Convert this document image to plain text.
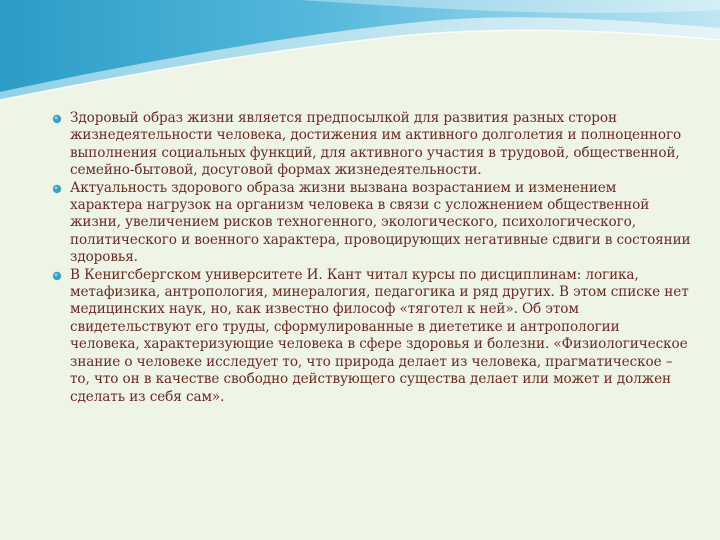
Здоровый образ жизни является предпосылкой для развития разных сторон жизнедеятельности человека, достижения им активного долголетия и полноценного выполнения социальных функций, для активного участия в трудовой, общественной, семейно-бытовой, досуговой формах жизнедеятельности.
Актуальность здорового образа жизни вызвана возрастанием и изменением характера нагрузок на организм человека в связи с усложнением общественной жизни, увеличением рисков техногенного, экологического, психологического, политического и военного характера, провоцирующих негативные сдвиги в состоянии здоровья.
В Кенигсбергском университете И. Кант читал курсы по дисциплинам: логика, метафизика, антропология, минералогия, педагогика и ряд других. В этом списке нет медицинских наук, но, как известно философ «тяготел к ней». Об этом свидетельствуют его труды, сформулированные в диететике и антропологии человека, характеризующие человека в сфере здоровья и болезни. «Физиологическое знание о человеке исследует то, что природа делает из человека, прагматическое – то, что он в качестве свободно действующего существа делает или может и должен сделать из себя сам».
